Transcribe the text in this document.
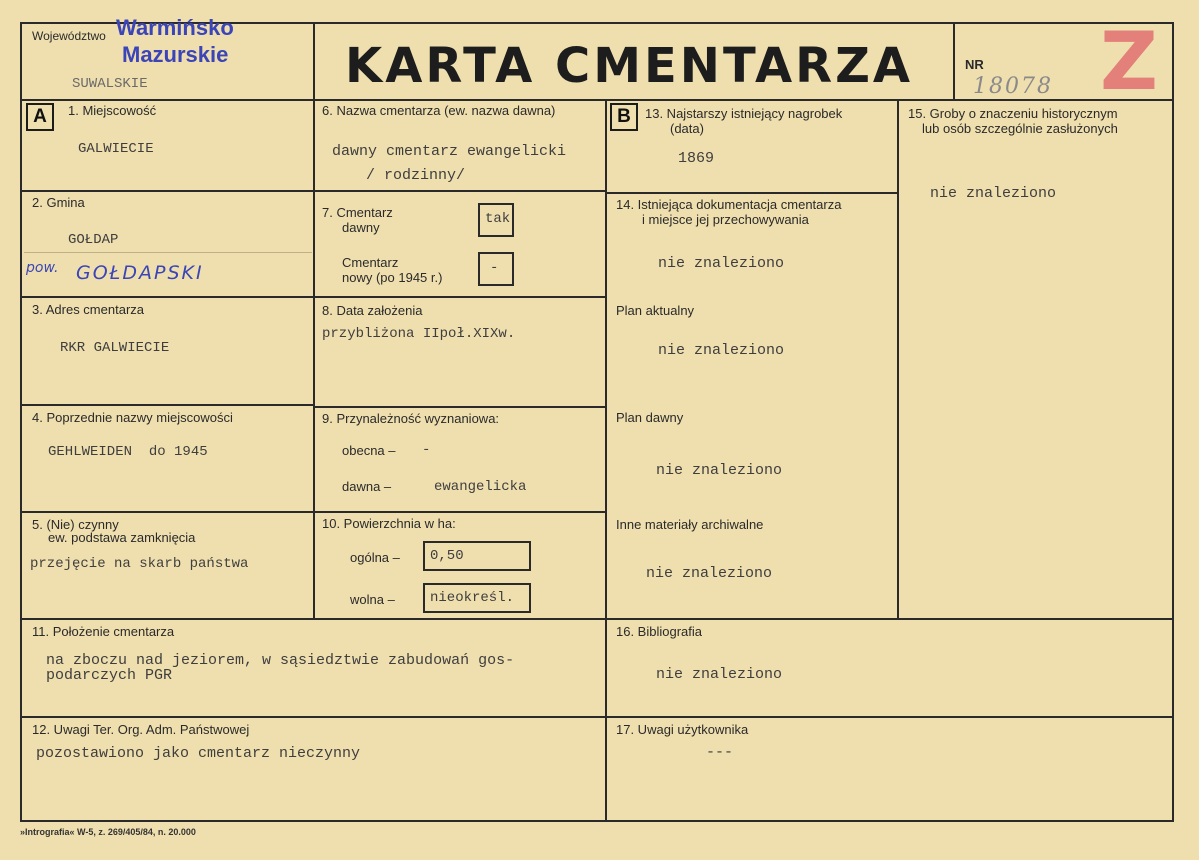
Województwo Warmińsko
Mazurskie
SUWALSKIE	KARTA CMENTARZA	NR
18078 Z
A	B
1. Miejscowość
GALWIECIE
2. Gmina
GOŁDAP
pow. GOŁDAPSKI
3. Adres cmentarza
RKR GALWIECIE
4. Poprzednie nazwy miejscowości
GEHLWEIDEN  do 1945
5. (Nie) czynny
ew. podstawa zamknięcia
przejęcie na skarb państwa
6. Nazwa cmentarza (ew. nazwa dawna)
dawny cmentarz ewangelicki
/ rodzinny/
7. Cmentarz
dawny
tak
Cmentarz
nowy (po 1945 r.)
-
8. Data założenia
przybliżona IIpoł.XIXw.
9. Przynależność wyznaniowa:
obecna – -
dawna –	ewangelicka
10. Powierzchnia w ha:
ogólna – 0,50
wolna –	nieokreśl.
13. Najstarszy istniejący nagrobek
(data)
1869
14. Istniejąca dokumentacja cmentarza
i miejsce jej przechowywania
nie znaleziono
Plan aktualny
nie znaleziono
Plan dawny
nie znaleziono
Inne materiały archiwalne
nie znaleziono
15. Groby o znaczeniu historycznym
lub osób szczególnie zasłużonych
nie znaleziono
11. Położenie cmentarza
na zboczu nad jeziorem, w sąsiedztwie zabudowań gos-
podarczych PGR
16. Bibliografia
nie znaleziono
12. Uwagi Ter. Org. Adm. Państwowej
pozostawiono jako cmentarz nieczynny
17. Uwagi użytkownika
---
»Intrografia« W-5, z. 269/405/84, n. 20.000
